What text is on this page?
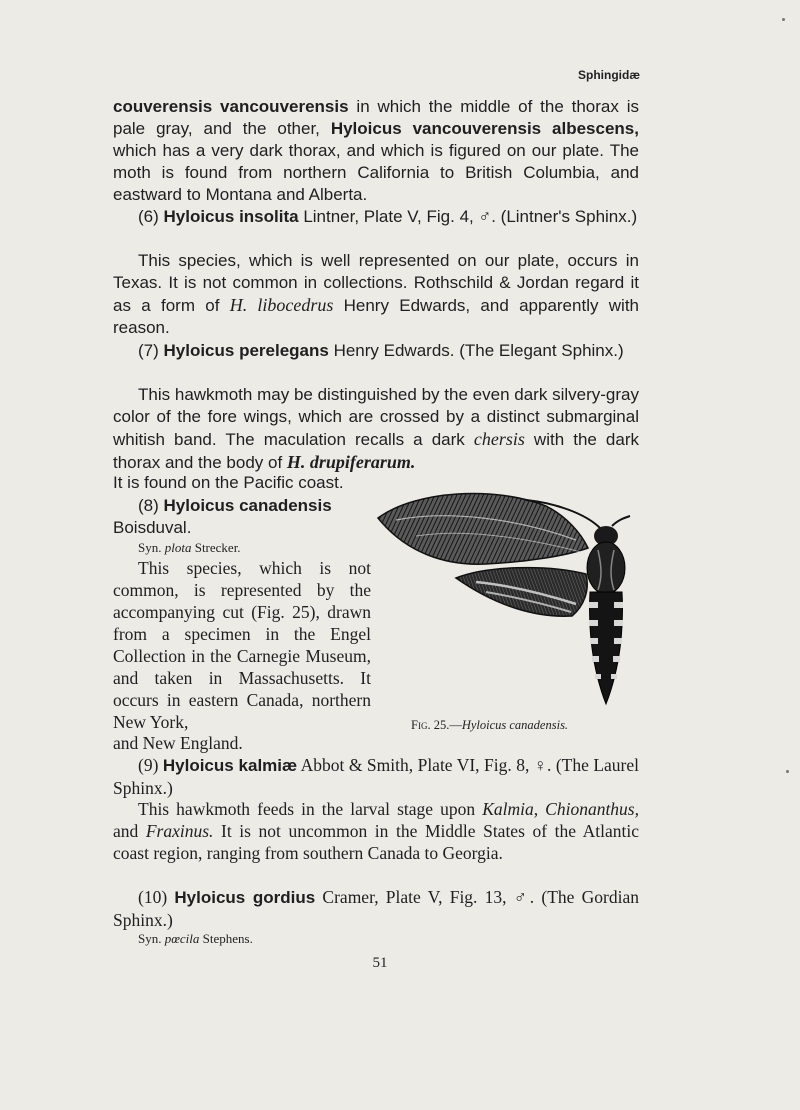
Sphingidæ
couverensis vancouverensis in which the middle of the thorax is pale gray, and the other, Hyloicus vancouverensis albescens, which has a very dark thorax, and which is figured on our plate. The moth is found from northern California to British Columbia, and eastward to Montana and Alberta.
(6) Hyloicus insolita Lintner, Plate V, Fig. 4, ♂. (Lintner's Sphinx.)
This species, which is well represented on our plate, occurs in Texas. It is not common in collections. Rothschild & Jordan regard it as a form of H. libocedrus Henry Edwards, and apparently with reason.
(7) Hyloicus perelegans Henry Edwards. (The Elegant Sphinx.)
This hawkmoth may be distinguished by the even dark silvery-gray color of the fore wings, which are crossed by a distinct submarginal whitish band. The maculation recalls a dark chersis with the dark thorax and the body of H. drupiferarum.
It is found on the Pacific coast.
(8) Hyloicus canadensis Boisduval.
Syn. plota Strecker.
This species, which is not common, is represented by the accompanying cut (Fig. 25), drawn from a specimen in the Engel Collection in the Carnegie Museum, and taken in Massachusetts. It occurs in eastern Canada, northern New York,
and New England.
Fig. 25.—Hyloicus canadensis.
(9) Hyloicus kalmiæ Abbot & Smith, Plate VI, Fig. 8, ♀. (The Laurel Sphinx.)
This hawkmoth feeds in the larval stage upon Kalmia, Chionanthus, and Fraxinus. It is not uncommon in the Middle States of the Atlantic coast region, ranging from southern Canada to Georgia.
(10) Hyloicus gordius Cramer, Plate V, Fig. 13, ♂. (The Gordian Sphinx.)
Syn. pœcila Stephens.
51
